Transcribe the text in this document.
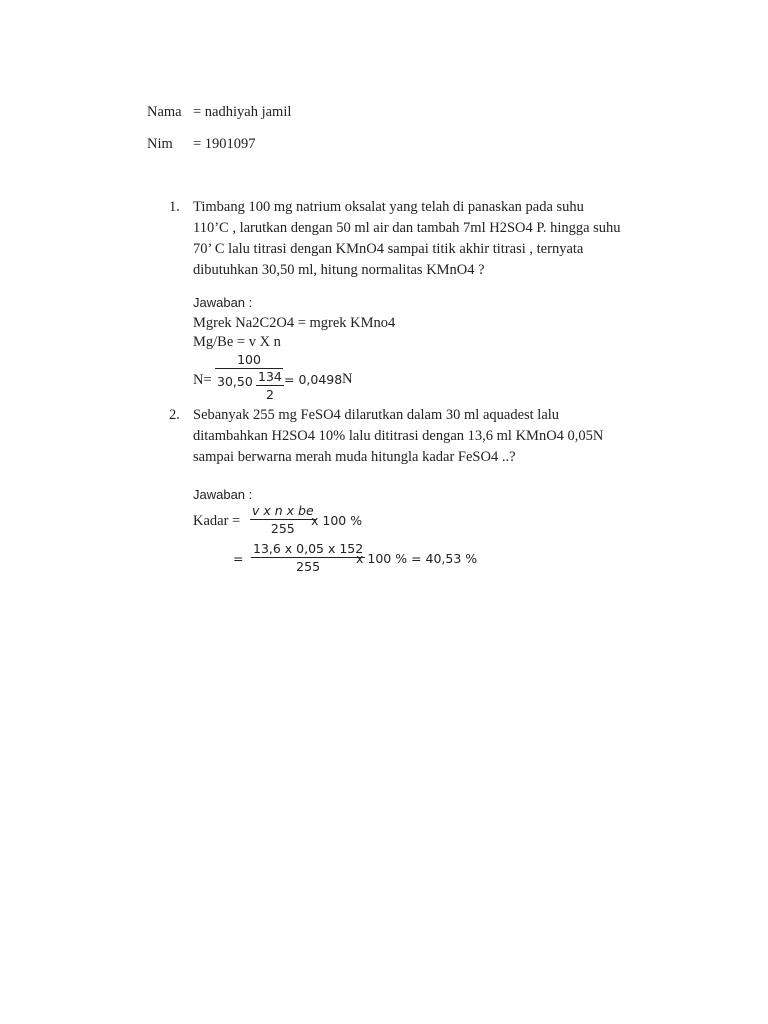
Nama = nadhiyah jamil
Nim = 1901097
1. Timbang 100 mg natrium oksalat yang telah di panaskan pada suhu
110’C , larutkan dengan 50 ml air dan tambah 7ml H2SO4 P. hingga suhu
70’ C lalu titrasi dengan KMnO4 sampai titik akhir titrasi , ternyata
dibutuhkan 30,50 ml, hitung normalitas KMnO4 ?
Jawaban :
Mgrek Na2C2O4 = mgrek KMno4
Mg/Be = v X n
N=
100
$30,50 \frac{134}{2} = 0,0498$ N
2. Sebanyak 255 mg FeSO4 dilarutkan dalam 30 ml aquadest lalu
ditambahkan H2SO4 10% lalu dititrasi dengan 13,6 ml KMnO4 0,05N
sampai berwarna merah muda hitungla kadar FeSO4 ..?
Jawaban :
Kadar = $\frac{\text{v x n x be}}{255}$
x 100 %
= $\frac{13,6 x 0,05 x 152}{255}$
x 100 % = 40,53 %
